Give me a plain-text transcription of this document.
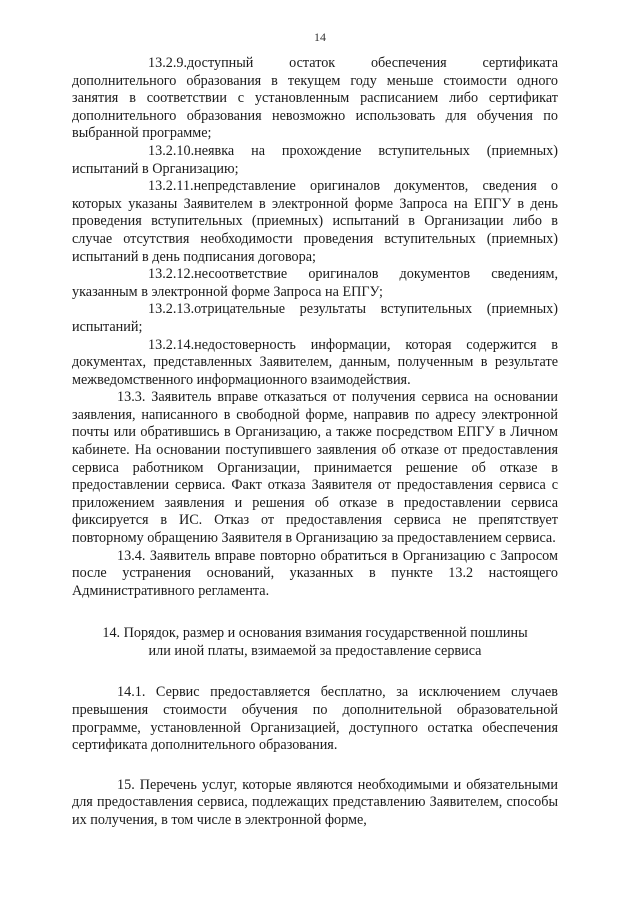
14

13.2.9.доступный остаток обеспечения сертификата дополнительного образования в текущем году меньше стоимости одного занятия в соответствии с установленным расписанием либо сертификат дополнительного образования невозможно использовать для обучения по выбранной программе;

13.2.10.неявка на прохождение вступительных (приемных) испытаний в Организацию;

13.2.11.непредставление оригиналов документов, сведения о которых указаны Заявителем в электронной форме Запроса на ЕПГУ в день проведения вступительных (приемных) испытаний в Организации либо в случае отсутствия необходимости проведения вступительных (приемных) испытаний в день подписания договора;

13.2.12.несоответствие оригиналов документов сведениям, указанным в электронной форме Запроса на ЕПГУ;

13.2.13.отрицательные результаты вступительных (приемных) испытаний;

13.2.14.недостоверность информации, которая содержится в документах, представленных Заявителем, данным, полученным в результате межведомственного информационного взаимодействия.

13.3. Заявитель вправе отказаться от получения сервиса на основании заявления, написанного в свободной форме, направив по адресу электронной почты или обратившись в Организацию, а также посредством ЕПГУ в Личном кабинете. На основании поступившего заявления об отказе от предоставления сервиса работником Организации, принимается решение об отказе в предоставлении сервиса. Факт отказа Заявителя от предоставления сервиса с приложением заявления и решения об отказе в предоставлении сервиса фиксируется в ИС. Отказ от предоставления сервиса не препятствует повторному обращению Заявителя в Организацию за предоставлением сервиса.

13.4. Заявитель вправе повторно обратиться в Организацию с Запросом после устранения оснований, указанных в пункте 13.2 настоящего Административного регламента.

14. Порядок, размер и основания взимания государственной пошлины
или иной платы, взимаемой за предоставление сервиса

14.1. Сервис предоставляется бесплатно, за исключением случаев превышения стоимости обучения по дополнительной образовательной программе, установленной Организацией, доступного остатка обеспечения сертификата дополнительного образования.

15. Перечень услуг, которые являются необходимыми и обязательными для предоставления сервиса, подлежащих представлению Заявителем, способы их получения, в том числе в электронной форме,
